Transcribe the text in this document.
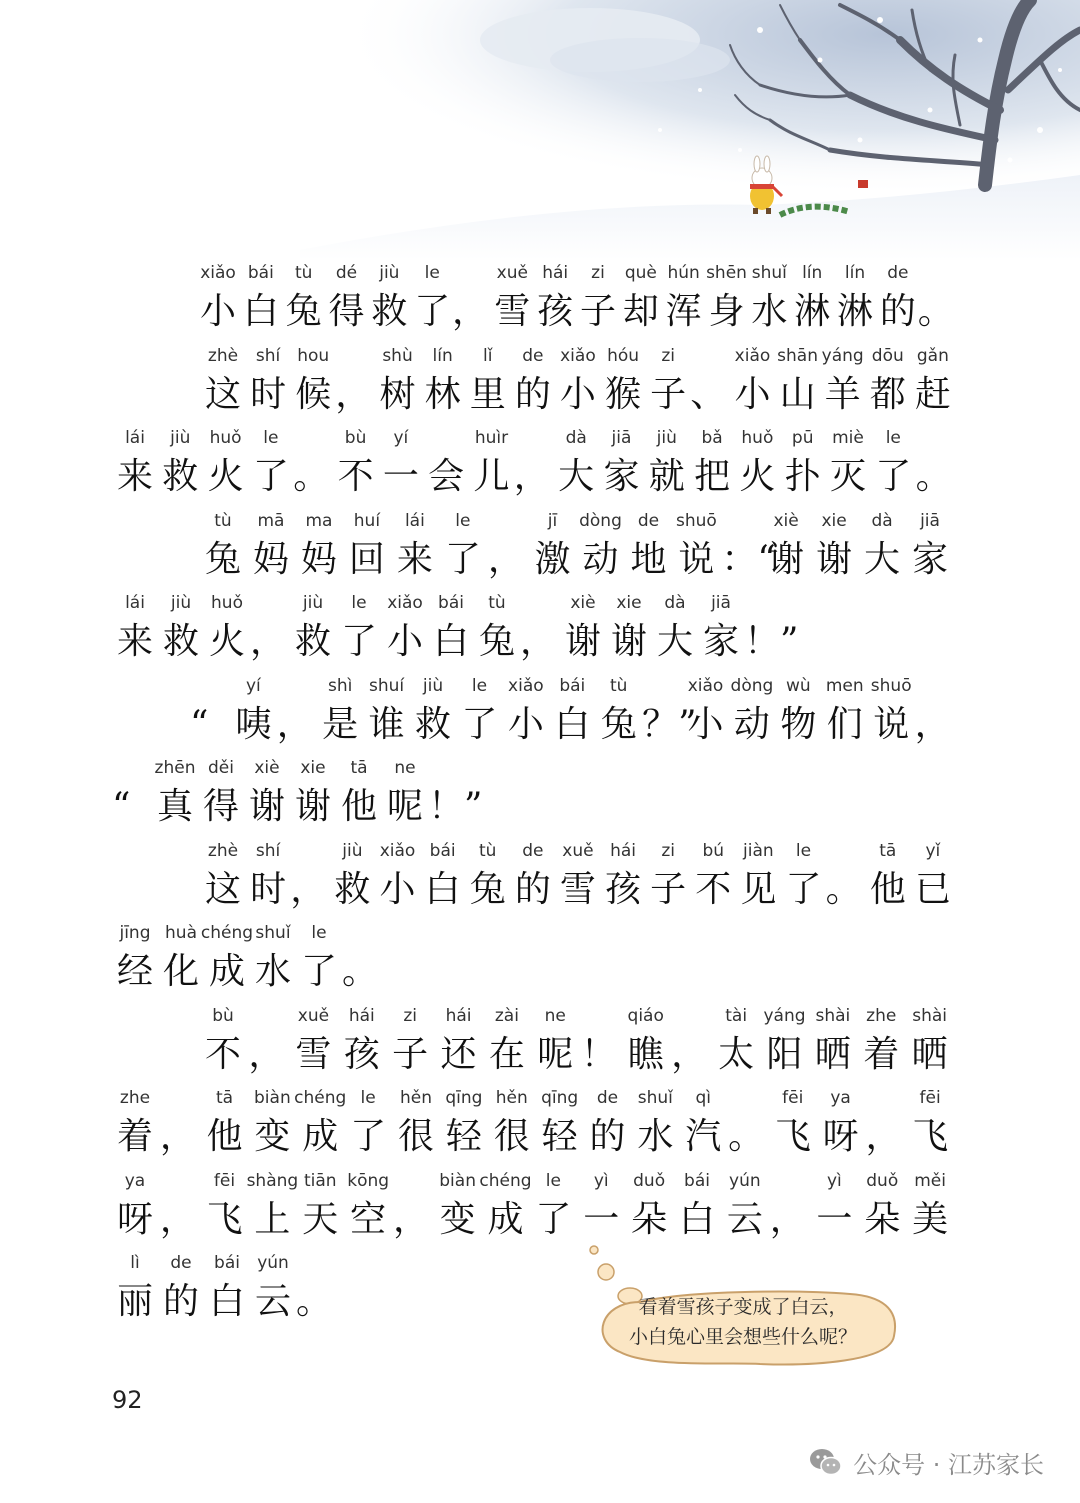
xiǎo
小
bái
白
tù
兔
dé
得
jiù
救
le
了 ，
xuě
雪
hái
孩
zi
子
què
却
hún
浑
shēn
身
shuǐ
水
lín
淋
lín
淋
de
的 。
zhè
这
shí
时
hou
候 ，
shù
树
lín
林
lǐ
里
de
的
xiǎo
小
hóu
猴
zi
子 、
xiǎo
小
shān
山
yáng
羊
dōu
都
gǎn
赶
lái
来
jiù
救
huǒ
火
le
了 。
bù
不
yí
一 会
huìr
儿 ，
dà
大
jiā
家
jiù
就
bǎ
把
huǒ
火
pū
扑
miè
灭
le
了 。
tù
兔
mā
妈
ma
妈
huí
回
lái
来
le
了 ，
jī
激
dòng
动
de
地
shuō
说 ：“
xiè
谢
xie
谢
dà
大
jiā
家
lái
来
jiù
救
huǒ
火 ，
jiù
救
le
了
xiǎo
小
bái
白
tù
兔 ，
xiè
谢
xie
谢
dà
大
jiā
家 ！”
“
yí
咦 ，
shì
是
shuí
谁
jiù
救
le
了
xiǎo
小
bái
白
tù
兔 ？”
xiǎo
小
dòng
动
wù
物
men
们
shuō
说 ，
“
zhēn
真
děi
得
xiè
谢
xie
谢
tā
他
ne
呢 ！”
zhè
这
shí
时 ，
jiù
救
xiǎo
小
bái
白
tù
兔
de
的
xuě
雪
hái
孩
zi
子
bú
不
jiàn
见
le
了 。
tā
他
yǐ
已
jīng
经
huà
化
chéng
成
shuǐ
水
le
了 。
bù
不 ，
xuě
雪
hái
孩
zi
子
hái
还
zài
在
ne
呢 ！
qiáo
瞧 ，
tài
太
yáng
阳
shài
晒
zhe
着
shài
晒
zhe
着 ，
tā
他
biàn
变
chéng
成
le
了
hěn
很
qīng
轻
hěn
很
qīng
轻
de
的
shuǐ
水
qì
汽 。
fēi
飞
ya
呀 ，
fēi
飞
ya
呀 ，
fēi
飞
shàng
上
tiān
天
kōng
空 ，
biàn
变
chéng
成
le
了
yì
一
duǒ
朵
bái
白
yún
云 ，
yì
一
duǒ
朵
měi
美
lì
丽
de
的
bái
白
yún
云 。	看着雪孩子变成了白云，
小白兔心里会想些什么呢？
92
公众号 · 江苏家长
